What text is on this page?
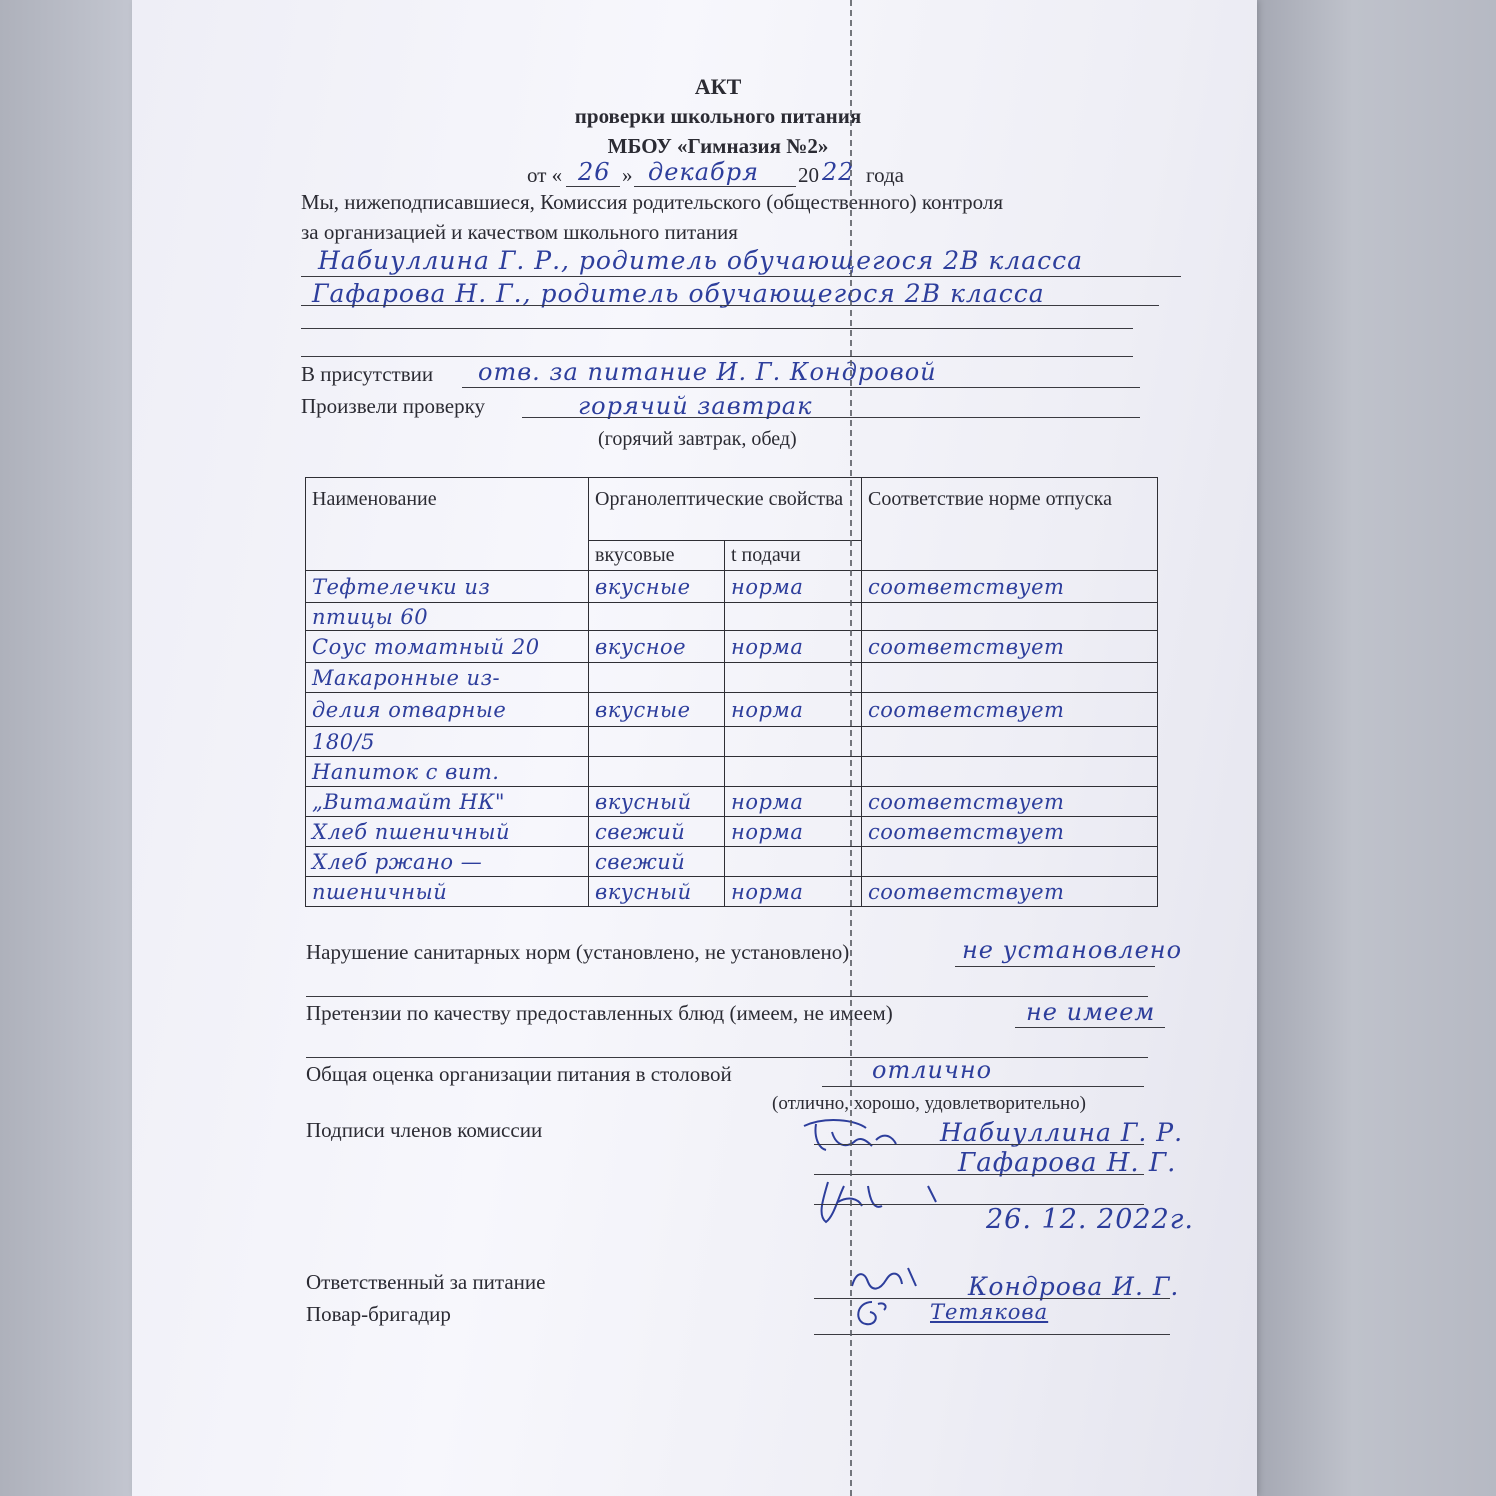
АКТ
проверки школьного питания
МБОУ «Гимназия №2»
от « 26 » декабря 20 22 года
Мы, нижеподписавшиеся, Комиссия родительского (общественного) контроля
за организацией и качеством школьного питания
Набиуллина Г. Р., родитель обучающегося 2В класса
Гафарова Н. Г., родитель обучающегося 2В класса
В присутствии отв. за питание И. Г. Кондровой
Произвели проверку	горячий завтрак
(горячий завтрак, обед)
Наименование	Органолептические свойства		Соответствие норме отпуска
	вкусовые	t подачи	
Тефтелечки из	вкусные	норма	соответствует
птицы 60			
Соус томатный 20	вкусное	норма	соответствует
Макаронные из-			
делия отварные	вкусные	норма	соответствует
180/5			
Напиток с вит.			
„Витамайт НК"	вкусный	норма	соответствует
Хлеб пшеничный	свежий	норма	соответствует
Хлеб ржано —	свежий		
пшеничный	вкусный	норма	соответствует
Нарушение санитарных норм (установлено, не установлено)	не установлено
Претензии по качеству предоставленных блюд (имеем, не имеем)	не имеем
Общая оценка организации питания в столовой	отлично
(отлично, хорошо, удовлетворительно)
Подписи членов комиссии	Набиуллина Г. Р.
Гафарова Н. Г.
26. 12. 2022г.
Ответственный за питание	Кондрова И. Г.
Повар-бригадир	Тетякова
